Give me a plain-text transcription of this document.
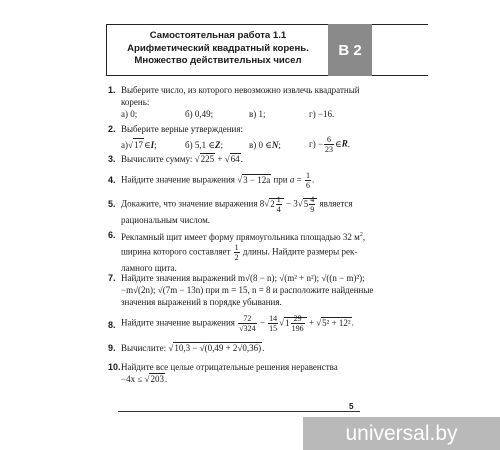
Самостоятельная работа 1.1
Арифметический квадратный корень.
Множество действительных чисел
В 2
1. Выберите число, из которого невозможно извлечь квадратный корень:
а) 0;	б) 0,49;	в) 1;	г) −16.
2. Выберите верные утверждения:
а)√17∈I;	б) 5,1 ∈Z;	в) 0 ∈N;	$г) - \frac{6}{23}$ ∈R.
3. Вычислите сумму: √225 + √64.
4. Найдите значение выражения √3 − 12a при $a = \frac{1}{6}$ .
5. Докажите, что значение выражения $8√2 \frac{1}{4} - 3√5 \frac{4}{9}$ является
рациональным числом.
6. Рекламный щит имеет форму прямоугольника площадью 32 $м^2$,
ширина которого составляет $\frac{1}{2}$ длины. Найдите размеры рек-
ламного щита.
7. Найдите значения выражений m√(8 − n); √(m² + n²); √((n − m)²);
−m√(2n); √(7m − 13n) при m = 15, n = 8 и расположите найденные
значения выражений в порядке убывания.
8. Найдите значение выражения $\frac{72}{√324} - \frac{14}{15} √1 \frac{29}{196} + √5^2 + 12^2$.
9. Вычислите: √10,3 − √(0,49 + 2√0,36).
10. Найдите все целые отрицательные решения неравенства
−4x ≤ √203.
5
universal.by
